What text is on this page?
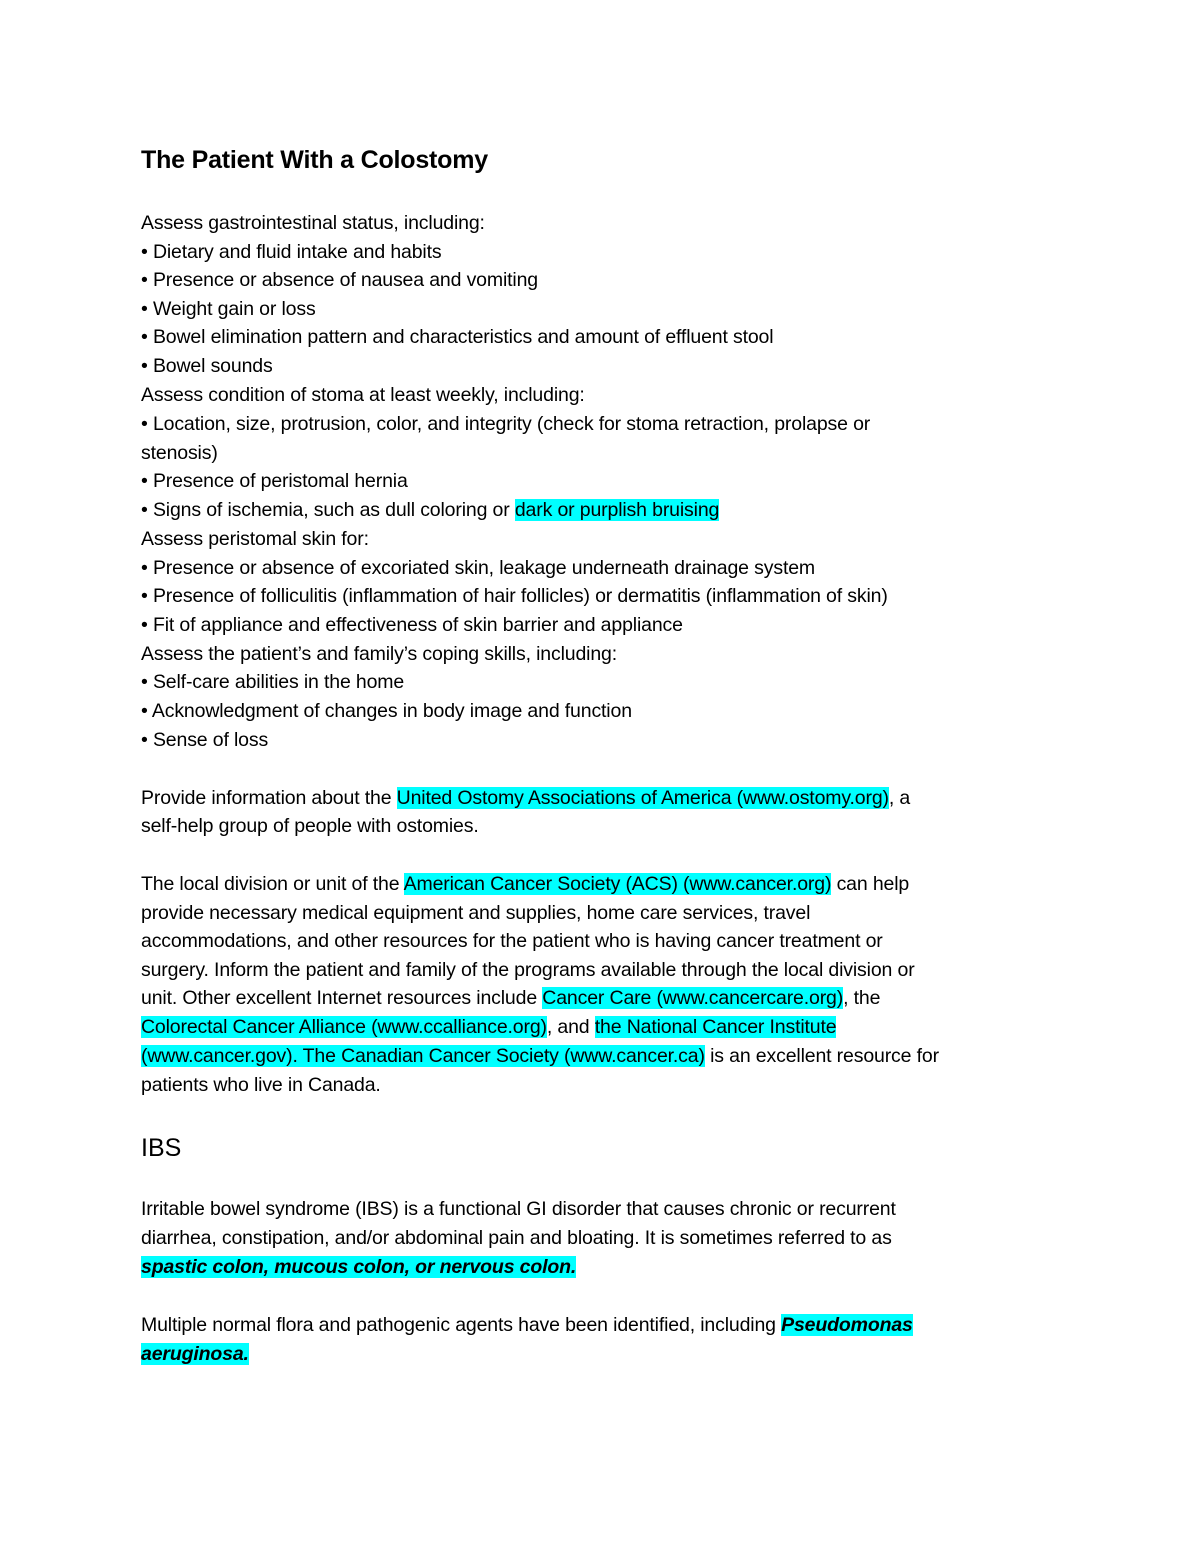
The Patient With a Colostomy
Assess gastrointestinal status, including:
• Dietary and fluid intake and habits
• Presence or absence of nausea and vomiting
• Weight gain or loss
• Bowel elimination pattern and characteristics and amount of effluent stool
• Bowel sounds
Assess condition of stoma at least weekly, including:
• Location, size, protrusion, color, and integrity (check for stoma retraction, prolapse or
stenosis)
• Presence of peristomal hernia
• Signs of ischemia, such as dull coloring or dark or purplish bruising
Assess peristomal skin for:
• Presence or absence of excoriated skin, leakage underneath drainage system
• Presence of folliculitis (inflammation of hair follicles) or dermatitis (inflammation of skin)
• Fit of appliance and effectiveness of skin barrier and appliance
Assess the patient’s and family’s coping skills, including:
• Self-care abilities in the home
• Acknowledgment of changes in body image and function
• Sense of loss
Provide information about the United Ostomy Associations of America (www.ostomy.org), a
self-help group of people with ostomies.
The local division or unit of the American Cancer Society (ACS) (www.cancer.org) can help
provide necessary medical equipment and supplies, home care services, travel
accommodations, and other resources for the patient who is having cancer treatment or
surgery. Inform the patient and family of the programs available through the local division or
unit. Other excellent Internet resources include Cancer Care (www.cancercare.org), the
Colorectal Cancer Alliance (www.ccalliance.org), and the National Cancer Institute
(www.cancer.gov). The Canadian Cancer Society (www.cancer.ca) is an excellent resource for
patients who live in Canada.
IBS
Irritable bowel syndrome (IBS) is a functional GI disorder that causes chronic or recurrent
diarrhea, constipation, and/or abdominal pain and bloating. It is sometimes referred to as
spastic colon, mucous colon, or nervous colon.
Multiple normal flora and pathogenic agents have been identified, including Pseudomonas
aeruginosa.
